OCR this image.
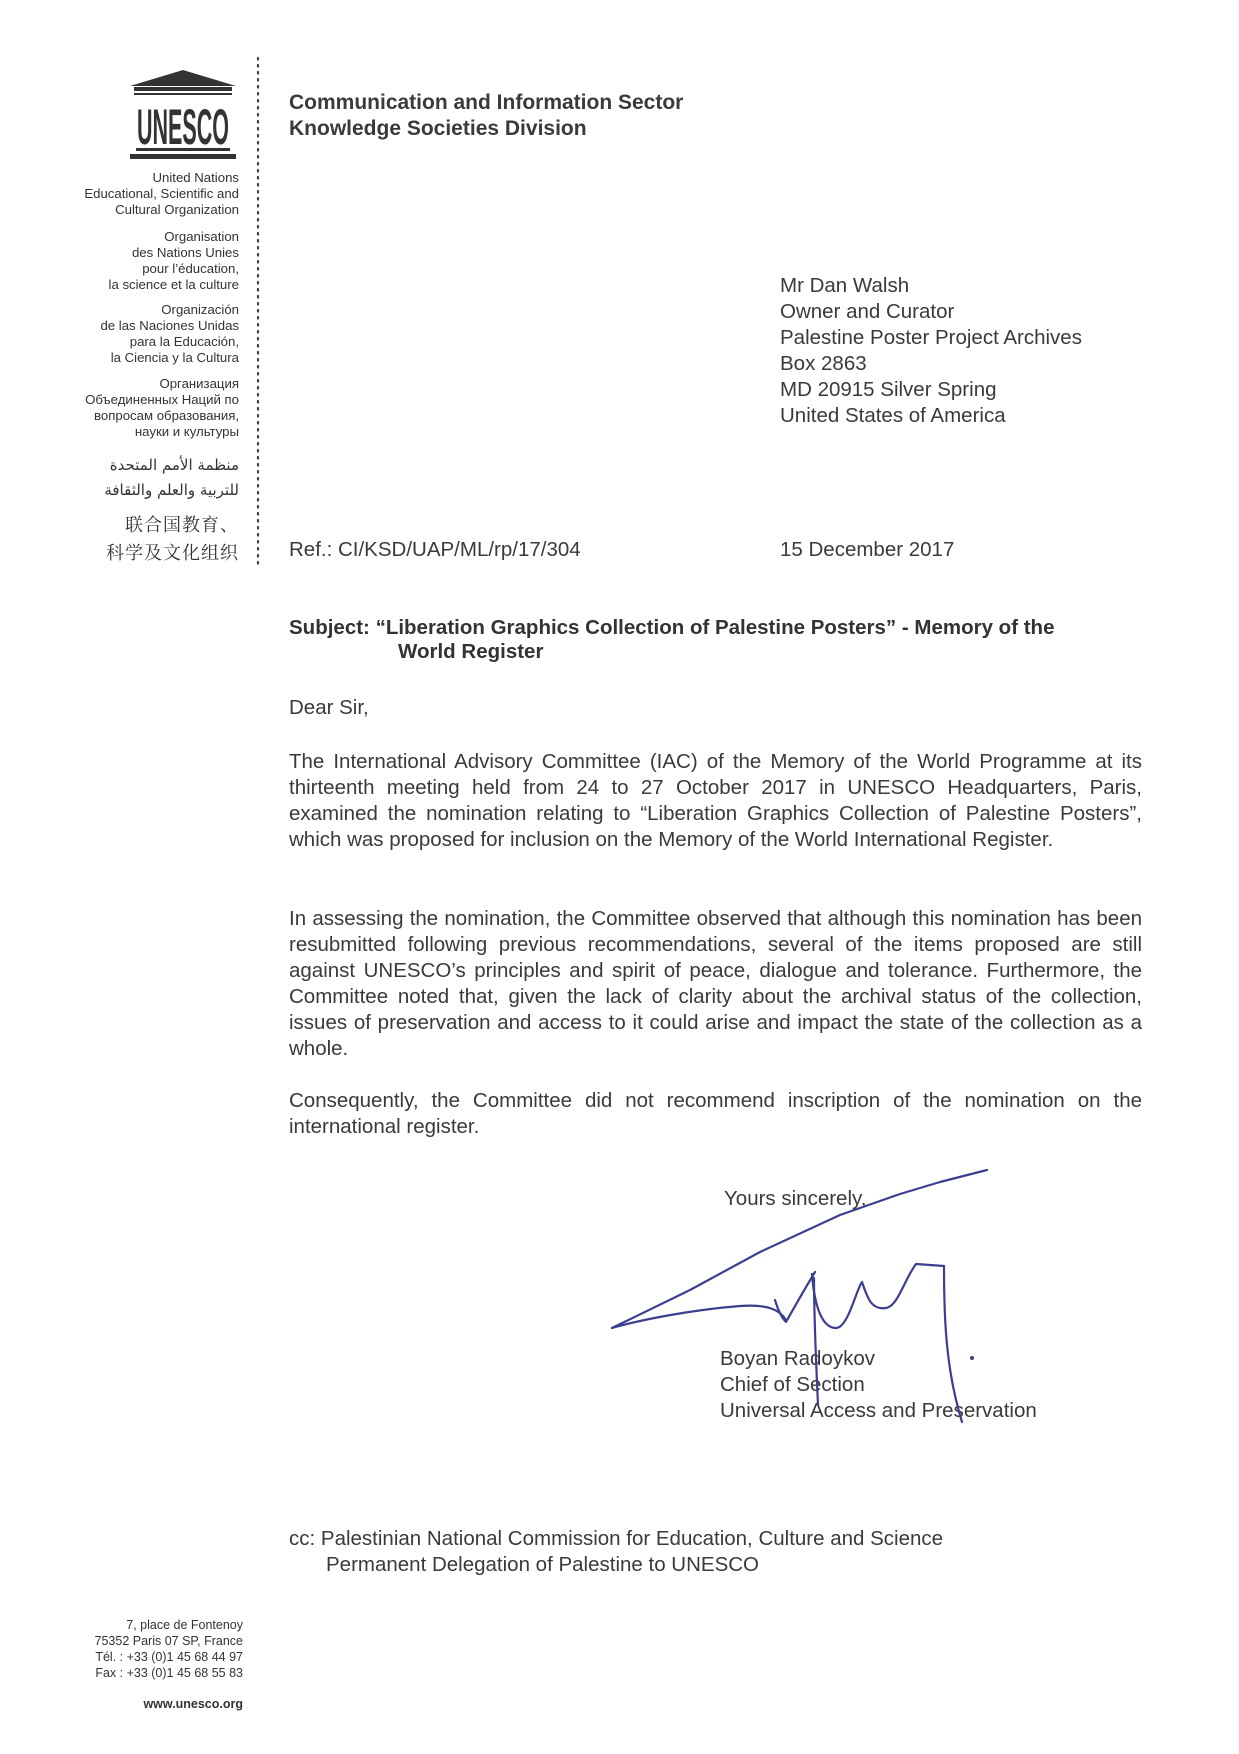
UNESCO
United Nations
Educational, Scientific and
Cultural Organization
Organisation
des Nations Unies
pour l’éducation,
la science et la culture
Organización
de las Naciones Unidas
para la Educación,
la Ciencia y la Cultura
Организация
Объединенных Наций по
вопросам образования,
науки и культуры
منظمة الأمم المتحدة
للتربية والعلم والثقافة
联合国教育、
科学及文化组织
Communication and Information Sector
Knowledge Societies Division
Mr Dan Walsh
Owner and Curator
Palestine Poster Project Archives
Box 2863
MD 20915 Silver Spring
United States of America
Ref.: CI/KSD/UAP/ML/rp/17/304	15 December 2017
Subject: “Liberation Graphics Collection of Palestine Posters” - Memory of the
World Register
Dear Sir,
The International Advisory Committee (IAC) of the Memory of the World Programme at its thirteenth meeting held from 24 to 27 October 2017 in UNESCO Headquarters, Paris, examined the nomination relating to “Liberation Graphics Collection of Palestine Posters”, which was proposed for inclusion on the Memory of the World International Register.
In assessing the nomination, the Committee observed that although this nomination has been resubmitted following previous recommendations, several of the items proposed are still against UNESCO’s principles and spirit of peace, dialogue and tolerance. Furthermore, the Committee noted that, given the lack of clarity about the archival status of the collection, issues of preservation and access to it could arise and impact the state of the collection as a whole.
Consequently, the Committee did not recommend inscription of the nomination on the international register.
Yours sincerely,
Boyan Radoykov
Chief of Section
Universal Access and Preservation
cc: Palestinian National Commission for Education, Culture and Science
Permanent Delegation of Palestine to UNESCO
7, place de Fontenoy
75352 Paris 07 SP, France
Tél. : +33 (0)1 45 68 44 97
Fax : +33 (0)1 45 68 55 83
www.unesco.org
